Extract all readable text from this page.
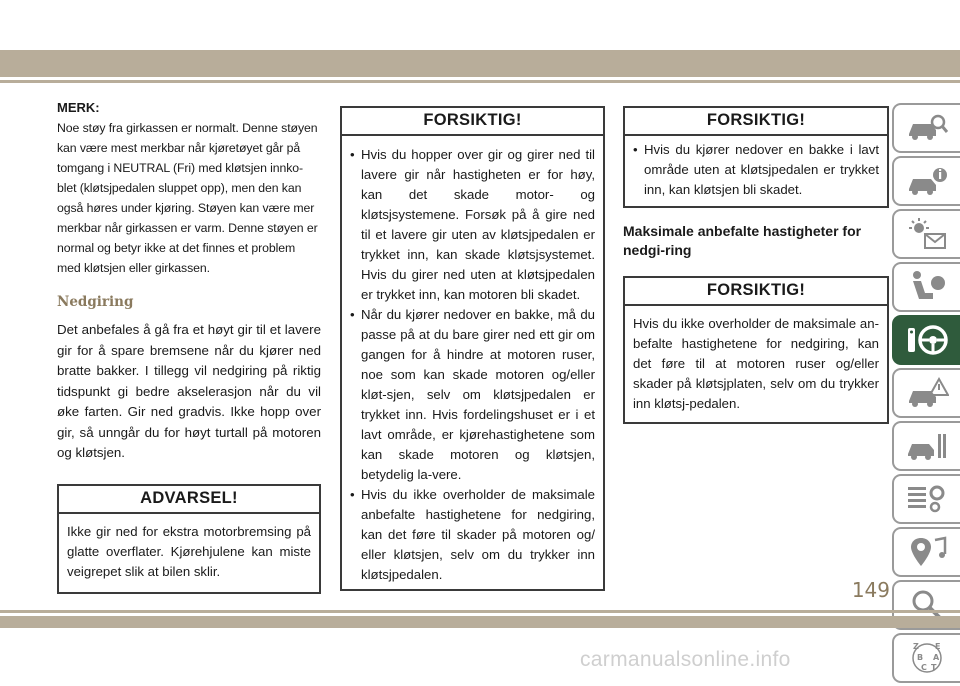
MERK:

Noe støy fra girkassen er normalt. Denne støyen kan være mest merkbar når kjøretøyet går på tomgang i NEUTRAL (Fri) med kløtsjen innko-blet (kløtsjpedalen sluppet opp), men den kan også høres under kjøring. Støyen kan være mer merkbar når girkassen er varm. Denne støyen er normal og betyr ikke at det finnes et problem med kløtsjen eller girkassen.

Nedgiring

Det anbefales å gå fra et høyt gir til et lavere gir for å spare bremsene når du kjører ned bratte bakker. I tillegg vil nedgiring på riktig tidspunkt gi bedre akselerasjon når du vil øke farten. Gir ned gradvis. Ikke hopp over gir, så unngår du for høyt turtall på motoren og kløtsjen.

ADVARSEL!

Ikke gir ned for ekstra motorbremsing på glatte overflater. Kjørehjulene kan miste veigrepet slik at bilen sklir.

FORSIKTIG!
• Hvis du hopper over gir og girer ned til lavere gir når hastigheten er for høy, kan det skade motor- og kløtsjsystemene. Forsøk på å gire ned til et lavere gir uten av kløtsjpedalen er trykket inn, kan skade kløtsjsystemet. Hvis du girer ned uten at kløtsjpedalen er trykket inn, kan motoren bli skadet.
• Når du kjører nedover en bakke, må du passe på at du bare girer ned ett gir om gangen for å hindre at motoren ruser, noe som kan skade motoren og/eller kløt-sjen, selv om kløtsjpedalen er trykket inn. Hvis fordelingshuset er i et lavt område, er kjørehastighetene som kan skade motoren og kløtsjen, betydelig la-vere.
• Hvis du ikke overholder de maksimale anbefalte hastighetene for nedgiring, kan det føre til skader på motoren og/ eller kløtsjen, selv om du trykker inn kløtsjpedalen.
FORSIKTIG!
• Hvis du kjører nedover en bakke i lavt område uten at kløtsjpedalen er trykket inn, kan kløtsjen bli skadet.

Maksimale anbefalte hastigheter for nedgi-ring

FORSIKTIG!

Hvis du ikke overholder de maksimale an-befalte hastighetene for nedgiring, kan det føre til at motoren ruser og/eller skader på kløtsjplaten, selv om du trykker inn kløtsj-pedalen.

Z E
B A
C T
149
carmanualsonline.info
